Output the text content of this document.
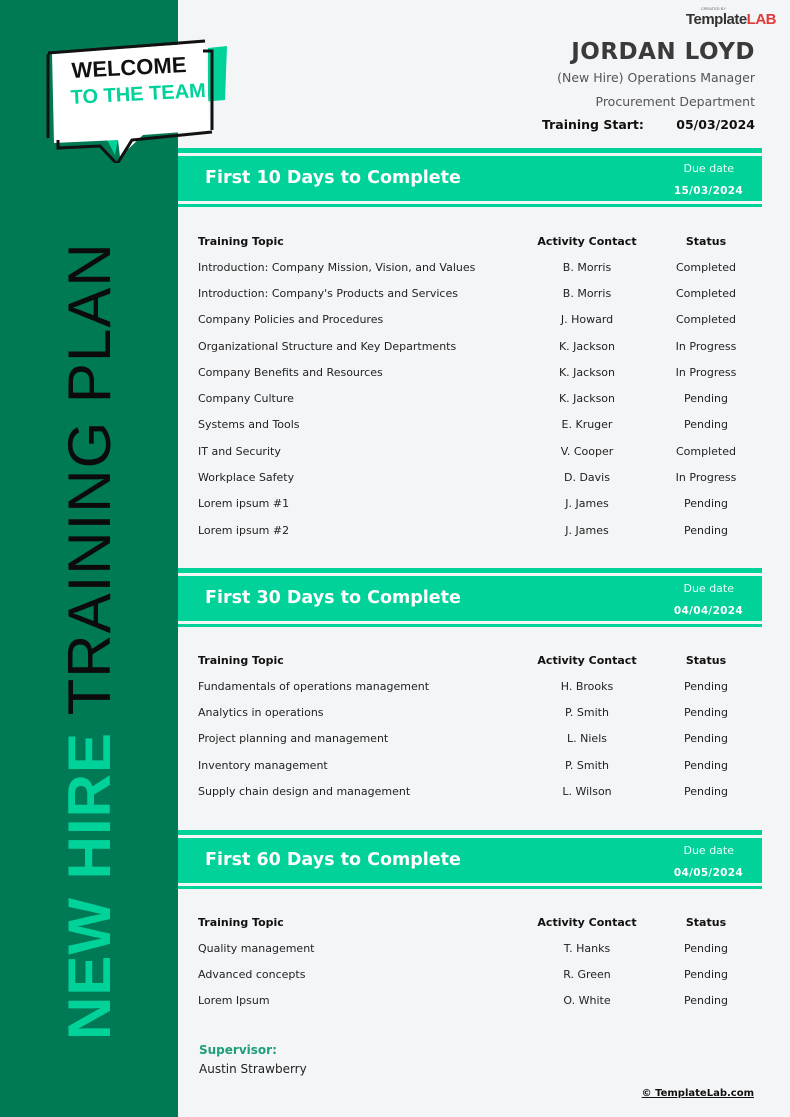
WELCOME
TO THE TEAM
NEW HIRE TRAINING PLAN
CREATED BY
TemplateLAB
JORDAN LOYD
(New Hire) Operations Manager
Procurement Department
Training Start:	05/03/2024
First 10 Days to Complete	Due date
15/03/2024
Training Topic	Activity Contact	Status
Introduction: Company Mission, Vision, and Values	B. Morris	Completed
Introduction: Company's Products and Services	B. Morris	Completed
Company Policies and Procedures	J. Howard	Completed
Organizational Structure and Key Departments	K. Jackson	In Progress
Company Benefits and Resources	K. Jackson	In Progress
Company Culture	K. Jackson	Pending
Systems and Tools	E. Kruger	Pending
IT and Security	V. Cooper	Completed
Workplace Safety	D. Davis	In Progress
Lorem ipsum #1	J. James	Pending
Lorem ipsum #2	J. James	Pending
First 30 Days to Complete	Due date
04/04/2024
Training Topic	Activity Contact	Status
Fundamentals of operations management	H. Brooks	Pending
Analytics in operations	P. Smith	Pending
Project planning and management	L. Niels	Pending
Inventory management	P. Smith	Pending
Supply chain design and management	L. Wilson	Pending
First 60 Days to Complete	Due date
04/05/2024
Training Topic	Activity Contact	Status
Quality management	T. Hanks	Pending
Advanced concepts	R. Green	Pending
Lorem Ipsum	O. White	Pending
Supervisor:
Austin Strawberry
© TemplateLab.com
